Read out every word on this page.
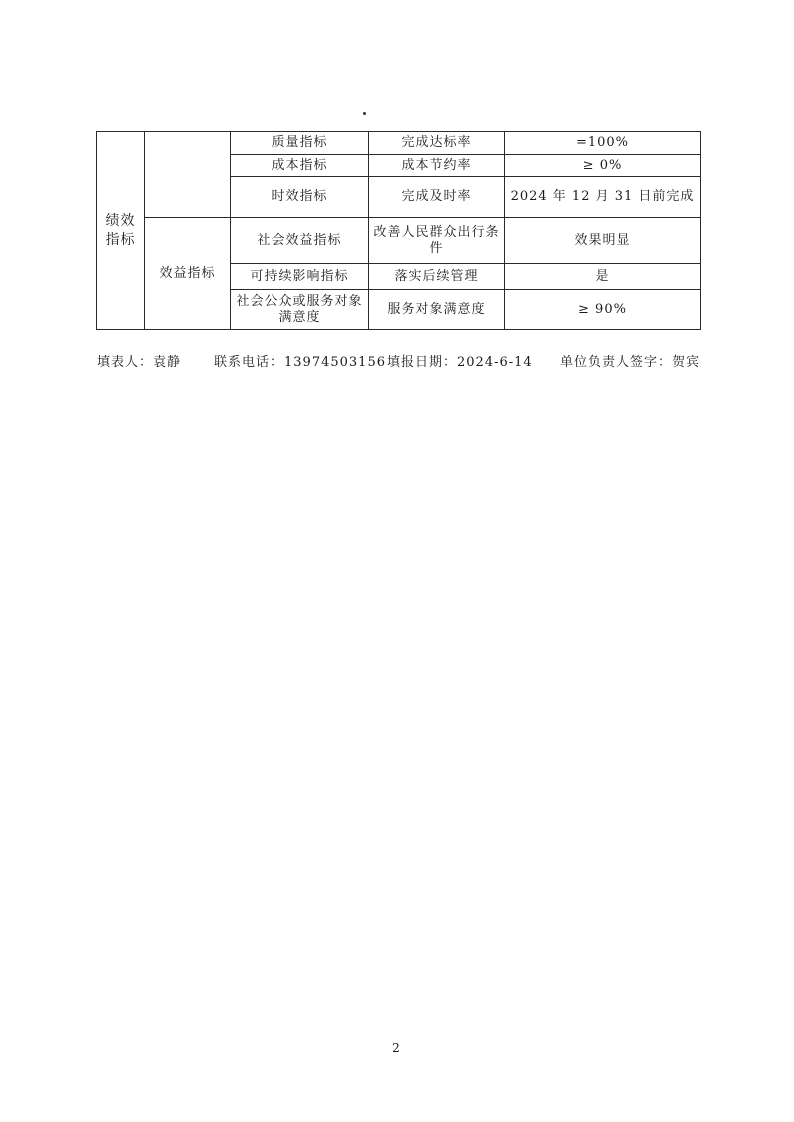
绩效指标		质量指标	完成达标率	=100%
		成本指标	成本节约率	≥ 0%
		时效指标	完成及时率	2024 年 12 月 31 日前完成
	效益指标	社会效益指标	改善人民群众出行条件	效果明显
		可持续影响指标	落实后续管理	是
		社会公众或服务对象满意度	服务对象满意度	≥ 90%
填表人：袁静	联系电话：13974503156 填报日期：2024-6-14 单位负责人签字：贺宾
2
